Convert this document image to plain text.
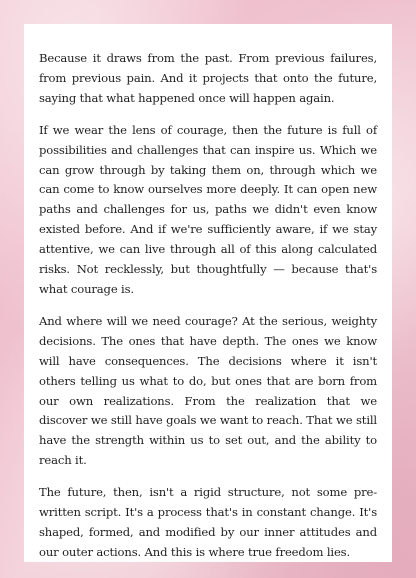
Because it draws from the past. From previous failures, from previous pain. And it projects that onto the future, saying that what happened once will happen again.

If we wear the lens of courage, then the future is full of possibilities and challenges that can inspire us. Which we can grow through by taking them on, through which we can come to know ourselves more deeply. It can open new paths and challenges for us, paths we didn't even know existed before. And if we're sufficiently aware, if we stay attentive, we can live through all of this along calculated risks. Not recklessly, but thoughtfully — because that's what courage is.

And where will we need courage? At the serious, weighty decisions. The ones that have depth. The ones we know will have consequences. The decisions where it isn't others telling us what to do, but ones that are born from our own realizations. From the realization that we discover we still have goals we want to reach. That we still have the strength within us to set out, and the ability to reach it.

The future, then, isn't a rigid structure, not some pre-written script. It's a process that's in constant change. It's shaped, formed, and modified by our inner attitudes and our outer actions. And this is where true freedom lies.
